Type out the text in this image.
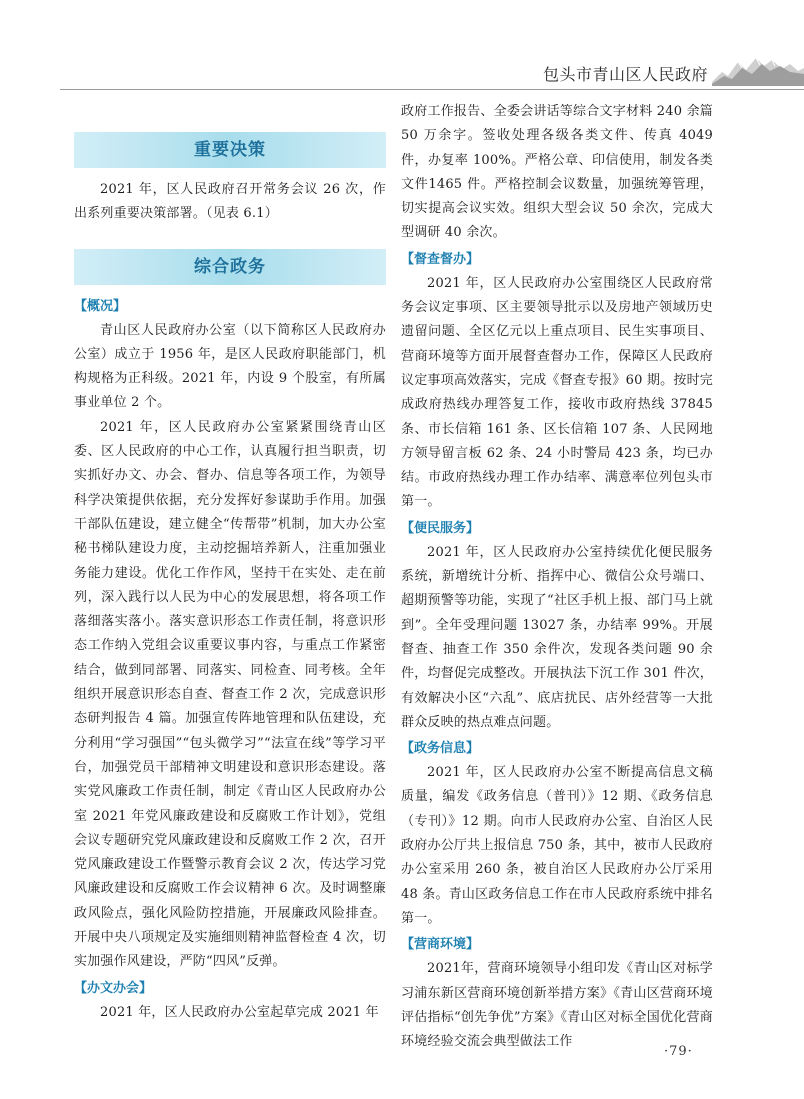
包头市青山区人民政府
重要决策

2021 年，区人民政府召开常务会议 26 次，作出系列重要决策部署。（见表 6.1）

综合政务
【概况】

青山区人民政府办公室（以下简称区人民政府办公室）成立于 1956 年，是区人民政府职能部门，机构规格为正科级。2021 年，内设 9 个股室，有所属事业单位 2 个。

2021 年，区人民政府办公室紧紧围绕青山区委、区人民政府的中心工作，认真履行担当职责，切实抓好办文、办会、督办、信息等各项工作，为领导科学决策提供依据，充分发挥好参谋助手作用。加强干部队伍建设，建立健全“传帮带”机制，加大办公室秘书梯队建设力度，主动挖掘培养新人，注重加强业务能力建设。优化工作作风，坚持干在实处、走在前列，深入践行以人民为中心的发展思想，将各项工作落细落实落小。落实意识形态工作责任制，将意识形态工作纳入党组会议重要议事内容，与重点工作紧密结合，做到同部署、同落实、同检查、同考核。全年组织开展意识形态自查、督查工作 2 次，完成意识形态研判报告 4 篇。加强宣传阵地管理和队伍建设，充分利用“学习强国”“包头微学习”“法宣在线”等学习平台，加强党员干部精神文明建设和意识形态建设。落实党风廉政工作责任制，制定《青山区人民政府办公室 2021 年党风廉政建设和反腐败工作计划》，党组会议专题研究党风廉政建设和反腐败工作 2 次，召开党风廉政建设工作暨警示教育会议 2 次，传达学习党风廉政建设和反腐败工作会议精神 6 次。及时调整廉政风险点，强化风险防控措施，开展廉政风险排查。开展中央八项规定及实施细则精神监督检查 4 次，切实加强作风建设，严防“四风”反弹。

【办文办会】

2021 年，区人民政府办公室起草完成 2021 年

政府工作报告、全委会讲话等综合文字材料 240 余篇 50 万余字。签收处理各级各类文件、传真 4049 件，办复率 100%。严格公章、印信使用，制发各类文件1465 件。严格控制会议数量，加强统筹管理，切实提高会议实效。组织大型会议 50 余次，完成大型调研 40 余次。

【督查督办】

2021 年，区人民政府办公室围绕区人民政府常务会议定事项、区主要领导批示以及房地产领域历史遗留问题、全区亿元以上重点项目、民生实事项目、营商环境等方面开展督查督办工作，保障区人民政府议定事项高效落实，完成《督查专报》60 期。按时完成政府热线办理答复工作，接收市政府热线 37845 条、市长信箱 161 条、区长信箱 107 条、人民网地方领导留言板 62 条、24 小时警局 423 条，均已办结。市政府热线办理工作办结率、满意率位列包头市第一。

【便民服务】

2021 年，区人民政府办公室持续优化便民服务系统，新增统计分析、指挥中心、微信公众号端口、超期预警等功能，实现了“社区手机上报、部门马上就到”。全年受理问题 13027 条，办结率 99%。开展督查、抽查工作 350 余件次，发现各类问题 90 余件，均督促完成整改。开展执法下沉工作 301 件次，有效解决小区“六乱”、底店扰民、店外经营等一大批群众反映的热点难点问题。

【政务信息】

2021 年，区人民政府办公室不断提高信息文稿质量，编发《政务信息（普刊）》12 期、《政务信息（专刊）》12 期。向市人民政府办公室、自治区人民政府办公厅共上报信息 750 条，其中，被市人民政府办公室采用 260 条，被自治区人民政府办公厅采用 48 条。青山区政务信息工作在市人民政府系统中排名第一。

【营商环境】

2021年，营商环境领导小组印发《青山区对标学习浦东新区营商环境创新举措方案》《青山区营商环境评估指标“创先争优”方案》《青山区对标全国优化营商环境经验交流会典型做法工作

·79·
